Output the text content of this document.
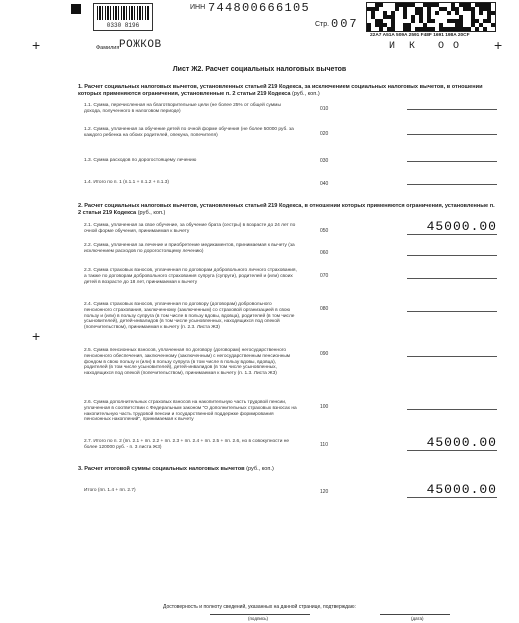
0330 8196
ИНН 744800666105
Стр. 007
22A7 A51A 509A 2591 F48F 1691 198A 20CF
+	+
+
Фамилия РОЖКОВ	И К О О
Лист Ж2. Расчет социальных налоговых вычетов
1. Расчет социальных налоговых вычетов, установленных статьей 219 Кодекса, за исключением социальных налоговых вычетов, в отношении которых применяются ограничения, установленные п. 2 статьи 219 Кодекса (руб., коп.)
1.1. Сумма, перечисленная на благотворительные цели (не более 25% от общей суммы дохода, полученного в налоговом периоде)	010
1.2. Сумма, уплаченная за обучение детей по очной форме обучения (не более 50000 руб. за каждого ребенка на обоих родителей, опекуна, попечителя)	020
1.3. Сумма расходов по дорогостоящему лечению	030
1.4. Итого по п. 1 (п.1.1 + п.1.2 + п.1.3)	040
2. Расчет социальных налоговых вычетов, установленных статьей 219 Кодекса, в отношении которых применяются ограничения, установленные п. 2 статьи 219 Кодекса (руб., коп.)
2.1. Сумма, уплаченная за свое обучение, за обучение брата (сестры) в возрасте до 24 лет по очной форме обучения, принимаемая к вычету	050	45000.00
2.2. Сумма, уплаченная за лечение и приобретение медикаментов, принимаемая к вычету (за исключением расходов по дорогостоящему лечению)	060
2.3. Сумма страховых взносов, уплаченная по договорам добровольного личного страхования, а также по договорам добровольного страхования супруга (супруги), родителей и (или) своих детей в возрасте до 18 лет, принимаемая к вычету
070
2.4. Сумма страховых взносов, уплаченная по договору (договорам) добровольного пенсионного страхования, заключенному (заключенным) со страховой организацией в свою пользу и (или) в пользу супруга (в том числе в пользу вдовы, вдовца), родителей (в том числе усыновителей), детей-инвалидов (в том числе усыновленных, находящихся под опекой (попечительством), принимаемая к вычету (п. 2.3. Листа Ж3)
080
2.5. Сумма пенсионных взносов, уплаченная по договору (договорам) негосударственного пенсионного обеспечения, заключенному (заключенным) с негосударственным пенсионным фондом в свою пользу и (или) в пользу супруга (в том числе в пользу вдовы, вдовца), родителей (в том числе усыновителей), детей-инвалидов (в том числе усыновленных, находящихся под опекой (попечительством), принимаемая к вычету (п. 1.3. Листа Ж3)
090
2.6. Сумма дополнительных страховых взносов на накопительную часть трудовой пенсии, уплаченная в соответствии с Федеральным законом "О дополнительных страховых взносах на накопительную часть трудовой пенсии и государственной поддержке формирования пенсионных накоплений", принимаемая к вычету
100
2.7. Итого по п. 2 (пп. 2.1 + пп. 2.2 + пп. 2.3 + пп. 2.4 + пп. 2.5 + пп. 2.6, но в совокупности не более 120000 руб. - п. 3 листа Ж3)	110	45000.00
3. Расчет итоговой суммы социальных налоговых вычетов (руб., коп.)
Итого (пп. 1.4 + пп. 2.7)	120	45000.00
Достоверность и полноту сведений, указанных на данной странице, подтверждаю:
(подпись)	(дата)
